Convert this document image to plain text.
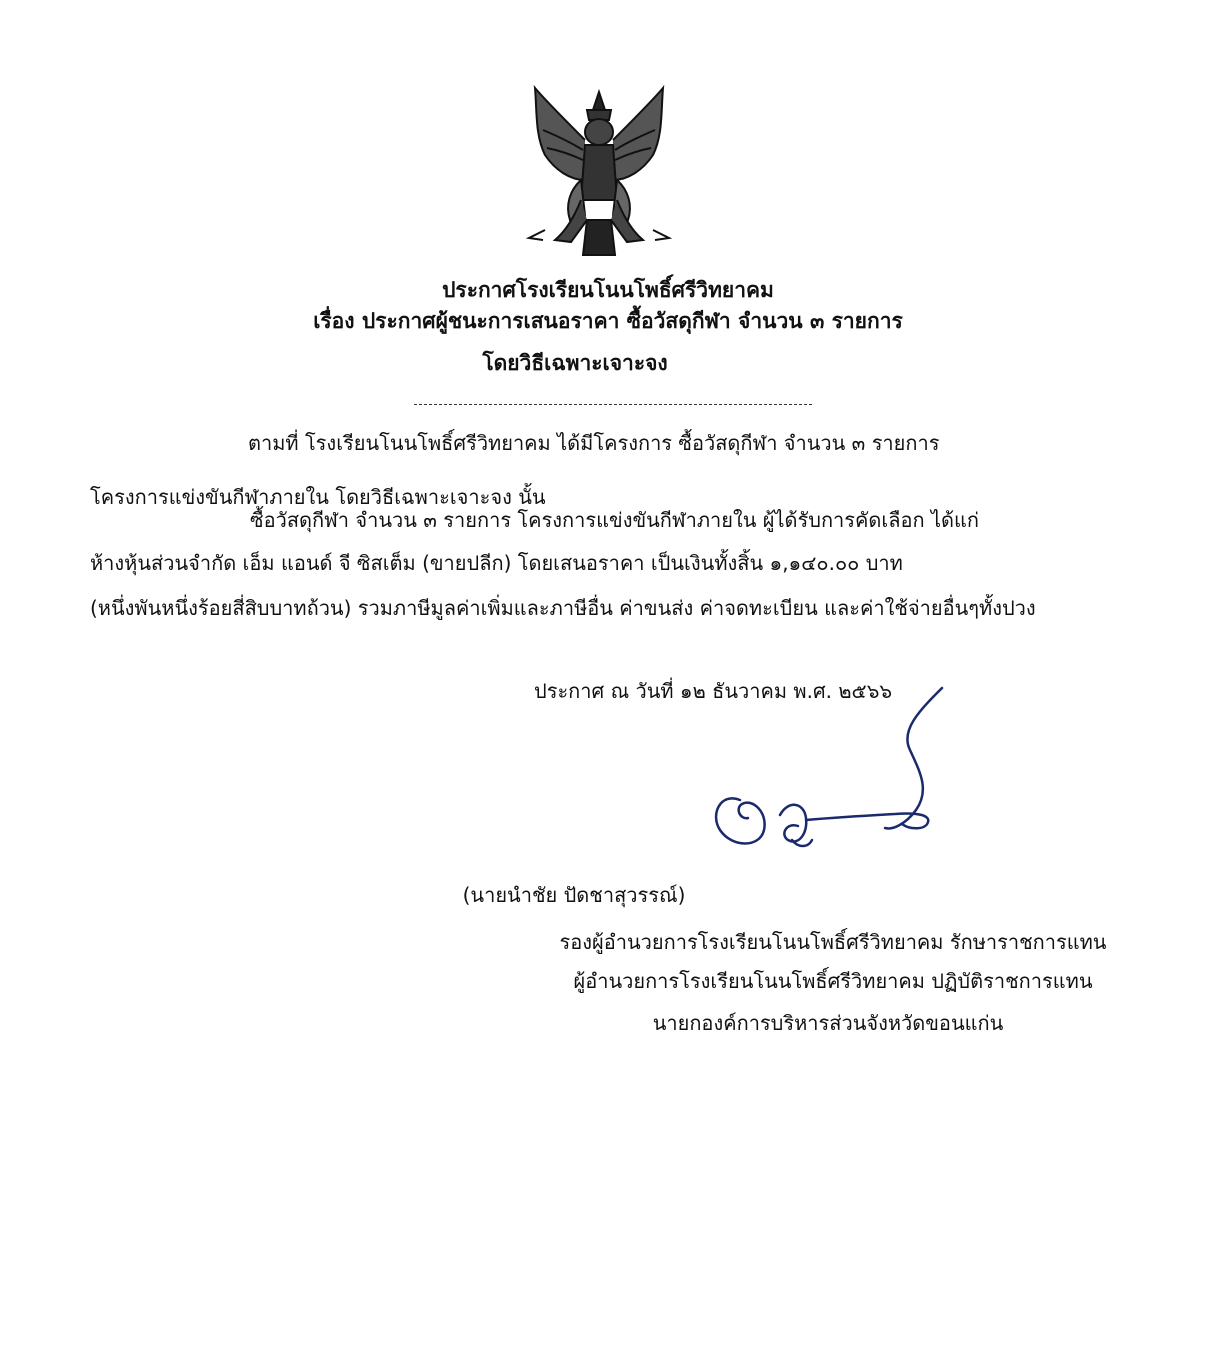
ประกาศโรงเรียนโนนโพธิ์ศรีวิทยาคม
เรื่อง ประกาศผู้ชนะการเสนอราคา ซื้อวัสดุกีฬา จำนวน ๓ รายการ
โดยวิธีเฉพาะเจาะจง
ตามที่ โรงเรียนโนนโพธิ์ศรีวิทยาคม ได้มีโครงการ ซื้อวัสดุกีฬา จำนวน ๓ รายการ
โครงการแข่งขันกีฬาภายใน โดยวิธีเฉพาะเจาะจง นั้น
ซื้อวัสดุกีฬา จำนวน ๓ รายการ โครงการแข่งขันกีฬาภายใน ผู้ได้รับการคัดเลือก ได้แก่
ห้างหุ้นส่วนจำกัด เอ็ม แอนด์ จี ซิสเต็ม (ขายปลีก) โดยเสนอราคา เป็นเงินทั้งสิ้น ๑,๑๔๐.๐๐ บาท
(หนึ่งพันหนึ่งร้อยสี่สิบบาทถ้วน) รวมภาษีมูลค่าเพิ่มและภาษีอื่น ค่าขนส่ง ค่าจดทะเบียน และค่าใช้จ่ายอื่นๆทั้งปวง
ประกาศ ณ วันที่ ๑๒ ธันวาคม พ.ศ. ๒๕๖๖
(นายนำชัย ปัดชาสุวรรณ์)
รองผู้อำนวยการโรงเรียนโนนโพธิ์ศรีวิทยาคม รักษาราชการแทน
ผู้อำนวยการโรงเรียนโนนโพธิ์ศรีวิทยาคม ปฏิบัติราชการแทน
นายกองค์การบริหารส่วนจังหวัดขอนแก่น
